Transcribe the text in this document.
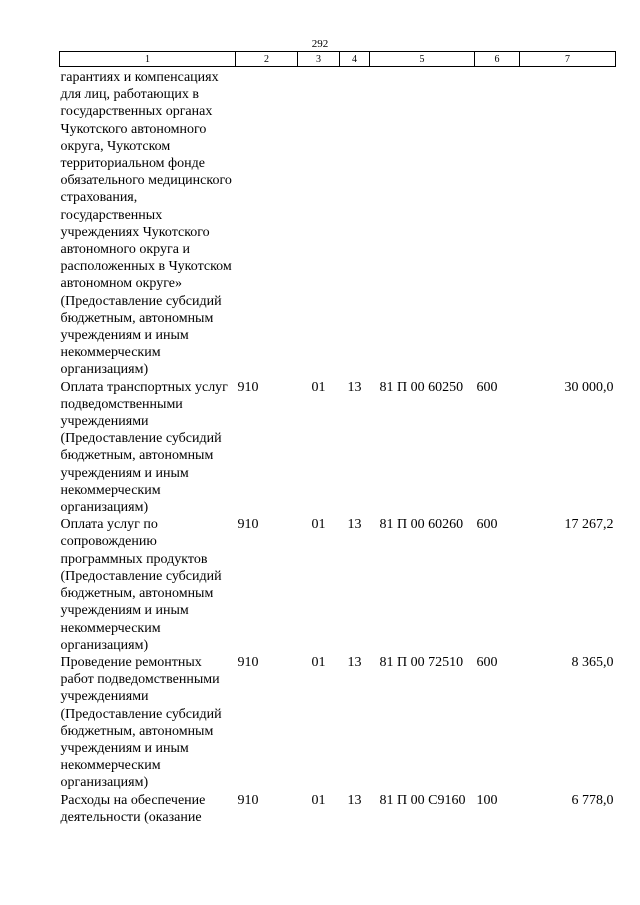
292
1	2	3	4	5	6	7
гарантиях и компенсациях для лиц, работающих в государственных органах Чукотского автономного округа, Чукотском территориальном фонде обязательного медицинского страхования, государственных учреждениях Чукотского автономного округа и расположенных в Чукотском автономном округе» (Предоставление субсидий бюджетным, автономным учреждениям и иным некоммерческим организациям)						
Оплата транспортных услуг подведомственными учреждениями (Предоставление субсидий бюджетным, автономным учреждениям и иным некоммерческим организациям)	910	01	13	81 П 00 60250	600	30 000,0
Оплата услуг по сопровождению программных продуктов (Предоставление субсидий бюджетным, автономным учреждениям и иным некоммерческим организациям)	910	01	13	81 П 00 60260	600	17 267,2
Проведение ремонтных работ подведомственными учреждениями (Предоставление субсидий бюджетным, автономным учреждениям и иным некоммерческим организациям)	910	01	13	81 П 00 72510	600	8 365,0
Расходы на обеспечение деятельности (оказание	910	01	13	81 П 00 С9160	100	6 778,0
